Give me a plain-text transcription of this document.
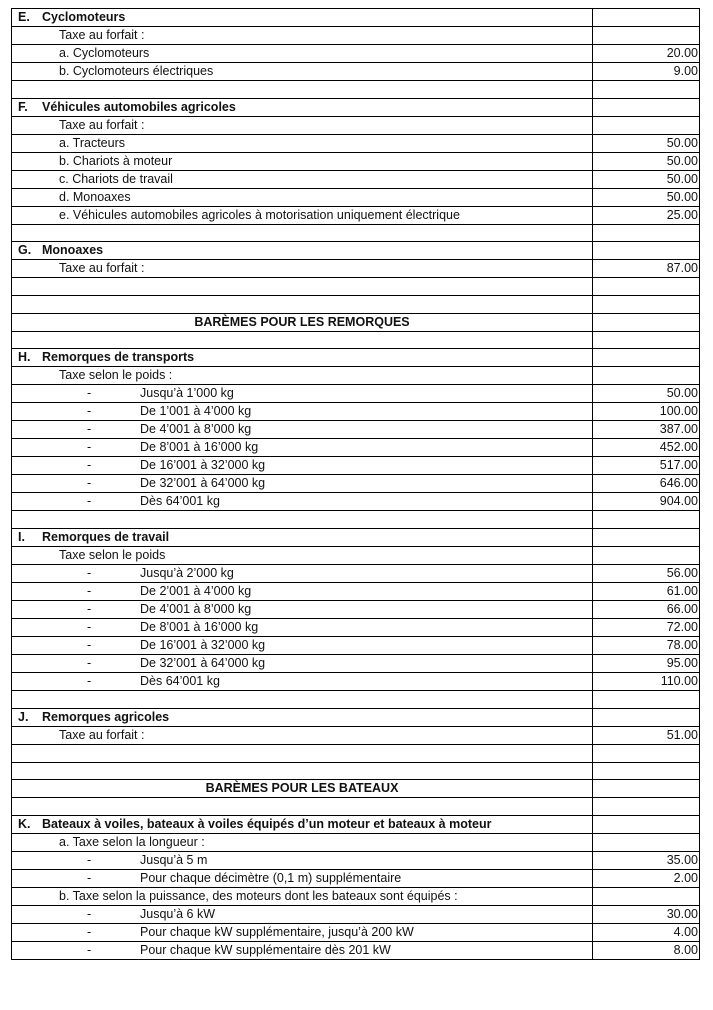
E. Cyclomoteurs	
Taxe au forfait :	
a. Cyclomoteurs	20.00
b. Cyclomoteurs électriques	9.00

F. Véhicules automobiles agricoles	
Taxe au forfait :	
a. Tracteurs	50.00
b. Chariots à moteur	50.00
c. Chariots de travail	50.00
d. Monoaxes	50.00
e. Véhicules automobiles agricoles à motorisation uniquement électrique	25.00

G. Monoaxes	
Taxe au forfait :	87.00

BARÈMES POUR LES REMORQUES	

H. Remorques de transports	
Taxe selon le poids :	
- Jusqu’à 1’000 kg	50.00
- De 1’001 à 4’000 kg	100.00
- De 4’001 à 8’000 kg	387.00
- De 8’001 à 16’000 kg	452.00
- De 16’001 à 32’000 kg	517.00
- De 32’001 à 64’000 kg	646.00
- Dès 64’001 kg	904.00

I. Remorques de travail	
Taxe selon le poids	
- Jusqu’à 2’000 kg	56.00
- De 2’001 à 4’000 kg	61.00
- De 4’001 à 8’000 kg	66.00
- De 8’001 à 16’000 kg	72.00
- De 16’001 à 32’000 kg	78.00
- De 32’001 à 64’000 kg	95.00
- Dès 64’001 kg	110.00

J. Remorques agricoles	
Taxe au forfait :	51.00

BARÈMES POUR LES BATEAUX	

K. Bateaux à voiles, bateaux à voiles équipés d’un moteur et bateaux à moteur	
a. Taxe selon la longueur :	
- Jusqu’à 5 m	35.00
- Pour chaque décimètre (0,1 m) supplémentaire	2.00
b. Taxe selon la puissance, des moteurs dont les bateaux sont équipés :	
- Jusqu’à 6 kW	30.00
- Pour chaque kW supplémentaire, jusqu’à 200 kW	4.00
- Pour chaque kW supplémentaire dès 201 kW	8.00
